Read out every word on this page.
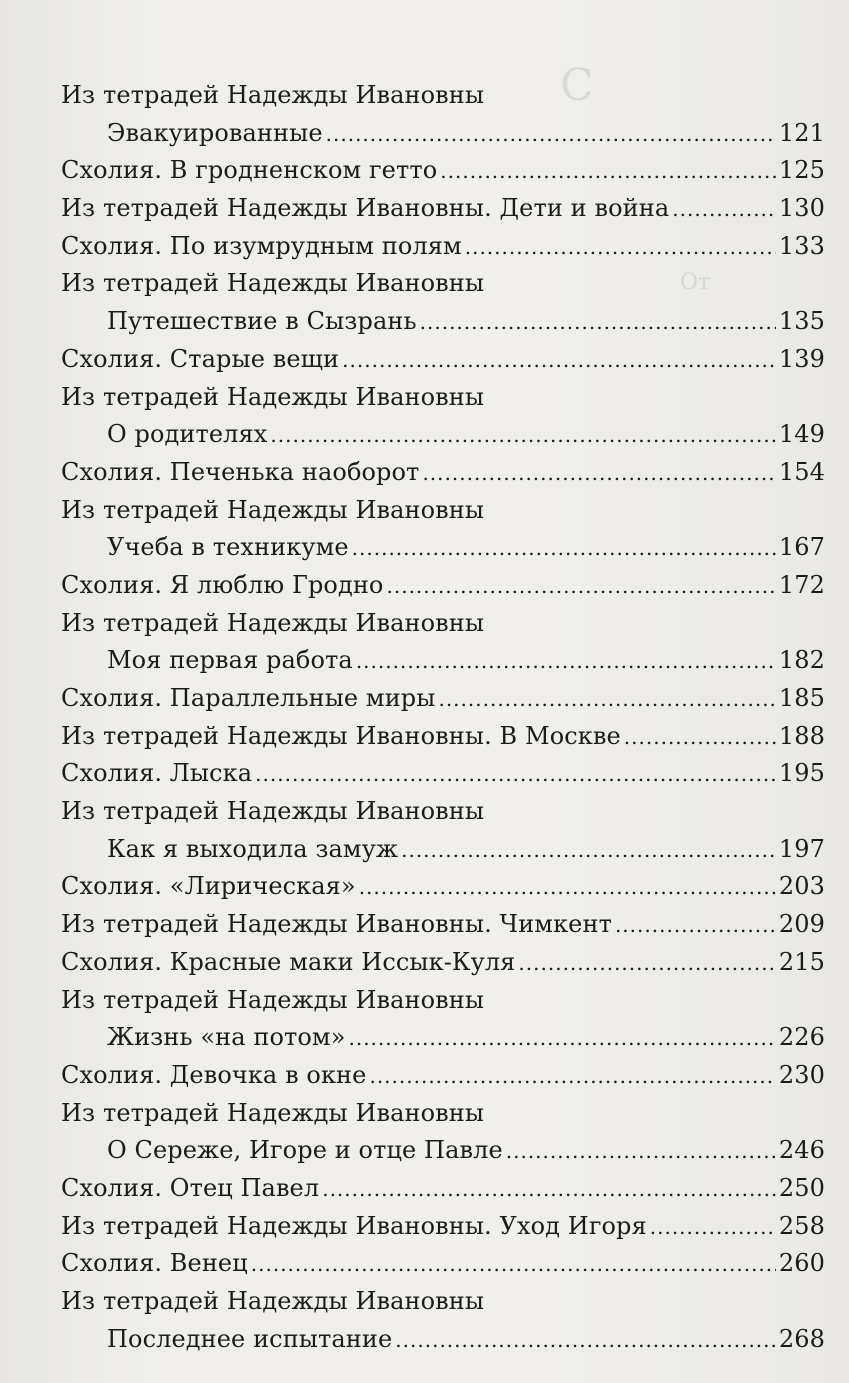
С
От
Из тетрадей Надежды Ивановны
Эвакуированные .....	121
Схолия. В гродненском гетто .....	125
Из тетрадей Надежды Ивановны. Дети и война .....	130
Схолия. По изумрудным полям .....	133
Из тетрадей Надежды Ивановны
Путешествие в Сызрань .....	135
Схолия. Старые вещи .....	139
Из тетрадей Надежды Ивановны
О родителях .....	149
Схолия. Печенька наоборот .....	154
Из тетрадей Надежды Ивановны
Учеба в техникуме .....	167
Схолия. Я люблю Гродно .....	172
Из тетрадей Надежды Ивановны
Моя первая работа .....	182
Схолия. Параллельные миры .....	185
Из тетрадей Надежды Ивановны. В Москве .....	188
Схолия. Лыска .....	195
Из тетрадей Надежды Ивановны
Как я выходила замуж .....	197
Схолия. «Лирическая» .....	203
Из тетрадей Надежды Ивановны. Чимкент .....	209
Схолия. Красные маки Иссык-Куля .....	215
Из тетрадей Надежды Ивановны
Жизнь «на потом» .....	226
Схолия. Девочка в окне .....	230
Из тетрадей Надежды Ивановны
О Сереже, Игоре и отце Павле .....	246
Схолия. Отец Павел .....	250
Из тетрадей Надежды Ивановны. Уход Игоря .....	258
Схолия. Венец .....	260
Из тетрадей Надежды Ивановны
Последнее испытание .....	268
